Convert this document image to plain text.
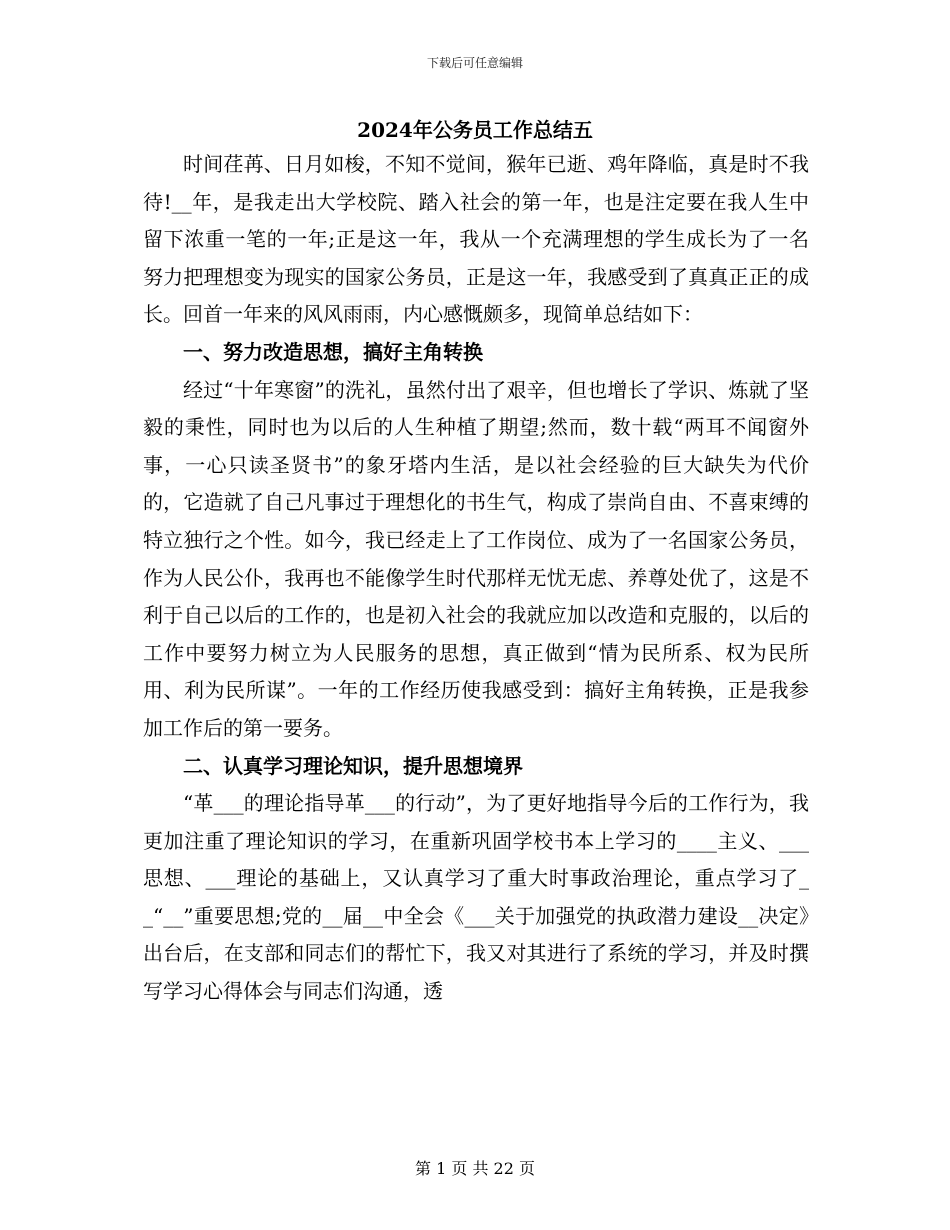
下载后可任意编辑
2024年公务员工作总结五

时间荏苒、日月如梭，不知不觉间，猴年已逝、鸡年降临，真是时不我待!__年，是我走出大学校院、踏入社会的第一年，也是注定要在我人生中留下浓重一笔的一年;正是这一年，我从一个充满理想的学生成长为了一名努力把理想变为现实的国家公务员，正是这一年，我感受到了真真正正的成长。回首一年来的风风雨雨，内心感慨颇多，现简单总结如下：

一、努力改造思想，搞好主角转换

经过“十年寒窗”的洗礼，虽然付出了艰辛，但也增长了学识、炼就了坚毅的秉性，同时也为以后的人生种植了期望;然而，数十载“两耳不闻窗外事，一心只读圣贤书”的象牙塔内生活，是以社会经验的巨大缺失为代价的，它造就了自己凡事过于理想化的书生气，构成了崇尚自由、不喜束缚的特立独行之个性。如今，我已经走上了工作岗位、成为了一名国家公务员，作为人民公仆，我再也不能像学生时代那样无忧无虑、养尊处优了，这是不利于自己以后的工作的，也是初入社会的我就应加以改造和克服的，以后的工作中要努力树立为人民服务的思想，真正做到“情为民所系、权为民所用、利为民所谋”。一年的工作经历使我感受到：搞好主角转换，正是我参加工作后的第一要务。

二、认真学习理论知识，提升思想境界

“革___的理论指导革___的行动”，为了更好地指导今后的工作行为，我更加注重了理论知识的学习，在重新巩固学校书本上学习的____主义、___思想、___理论的基础上，又认真学习了重大时事政治理论，重点学习了__“__”重要思想;党的__届__中全会《___关于加强党的执政潜力建设__决定》出台后，在支部和同志们的帮忙下，我又对其进行了系统的学习，并及时撰写学习心得体会与同志们沟通，透

第 1 页 共 22 页
